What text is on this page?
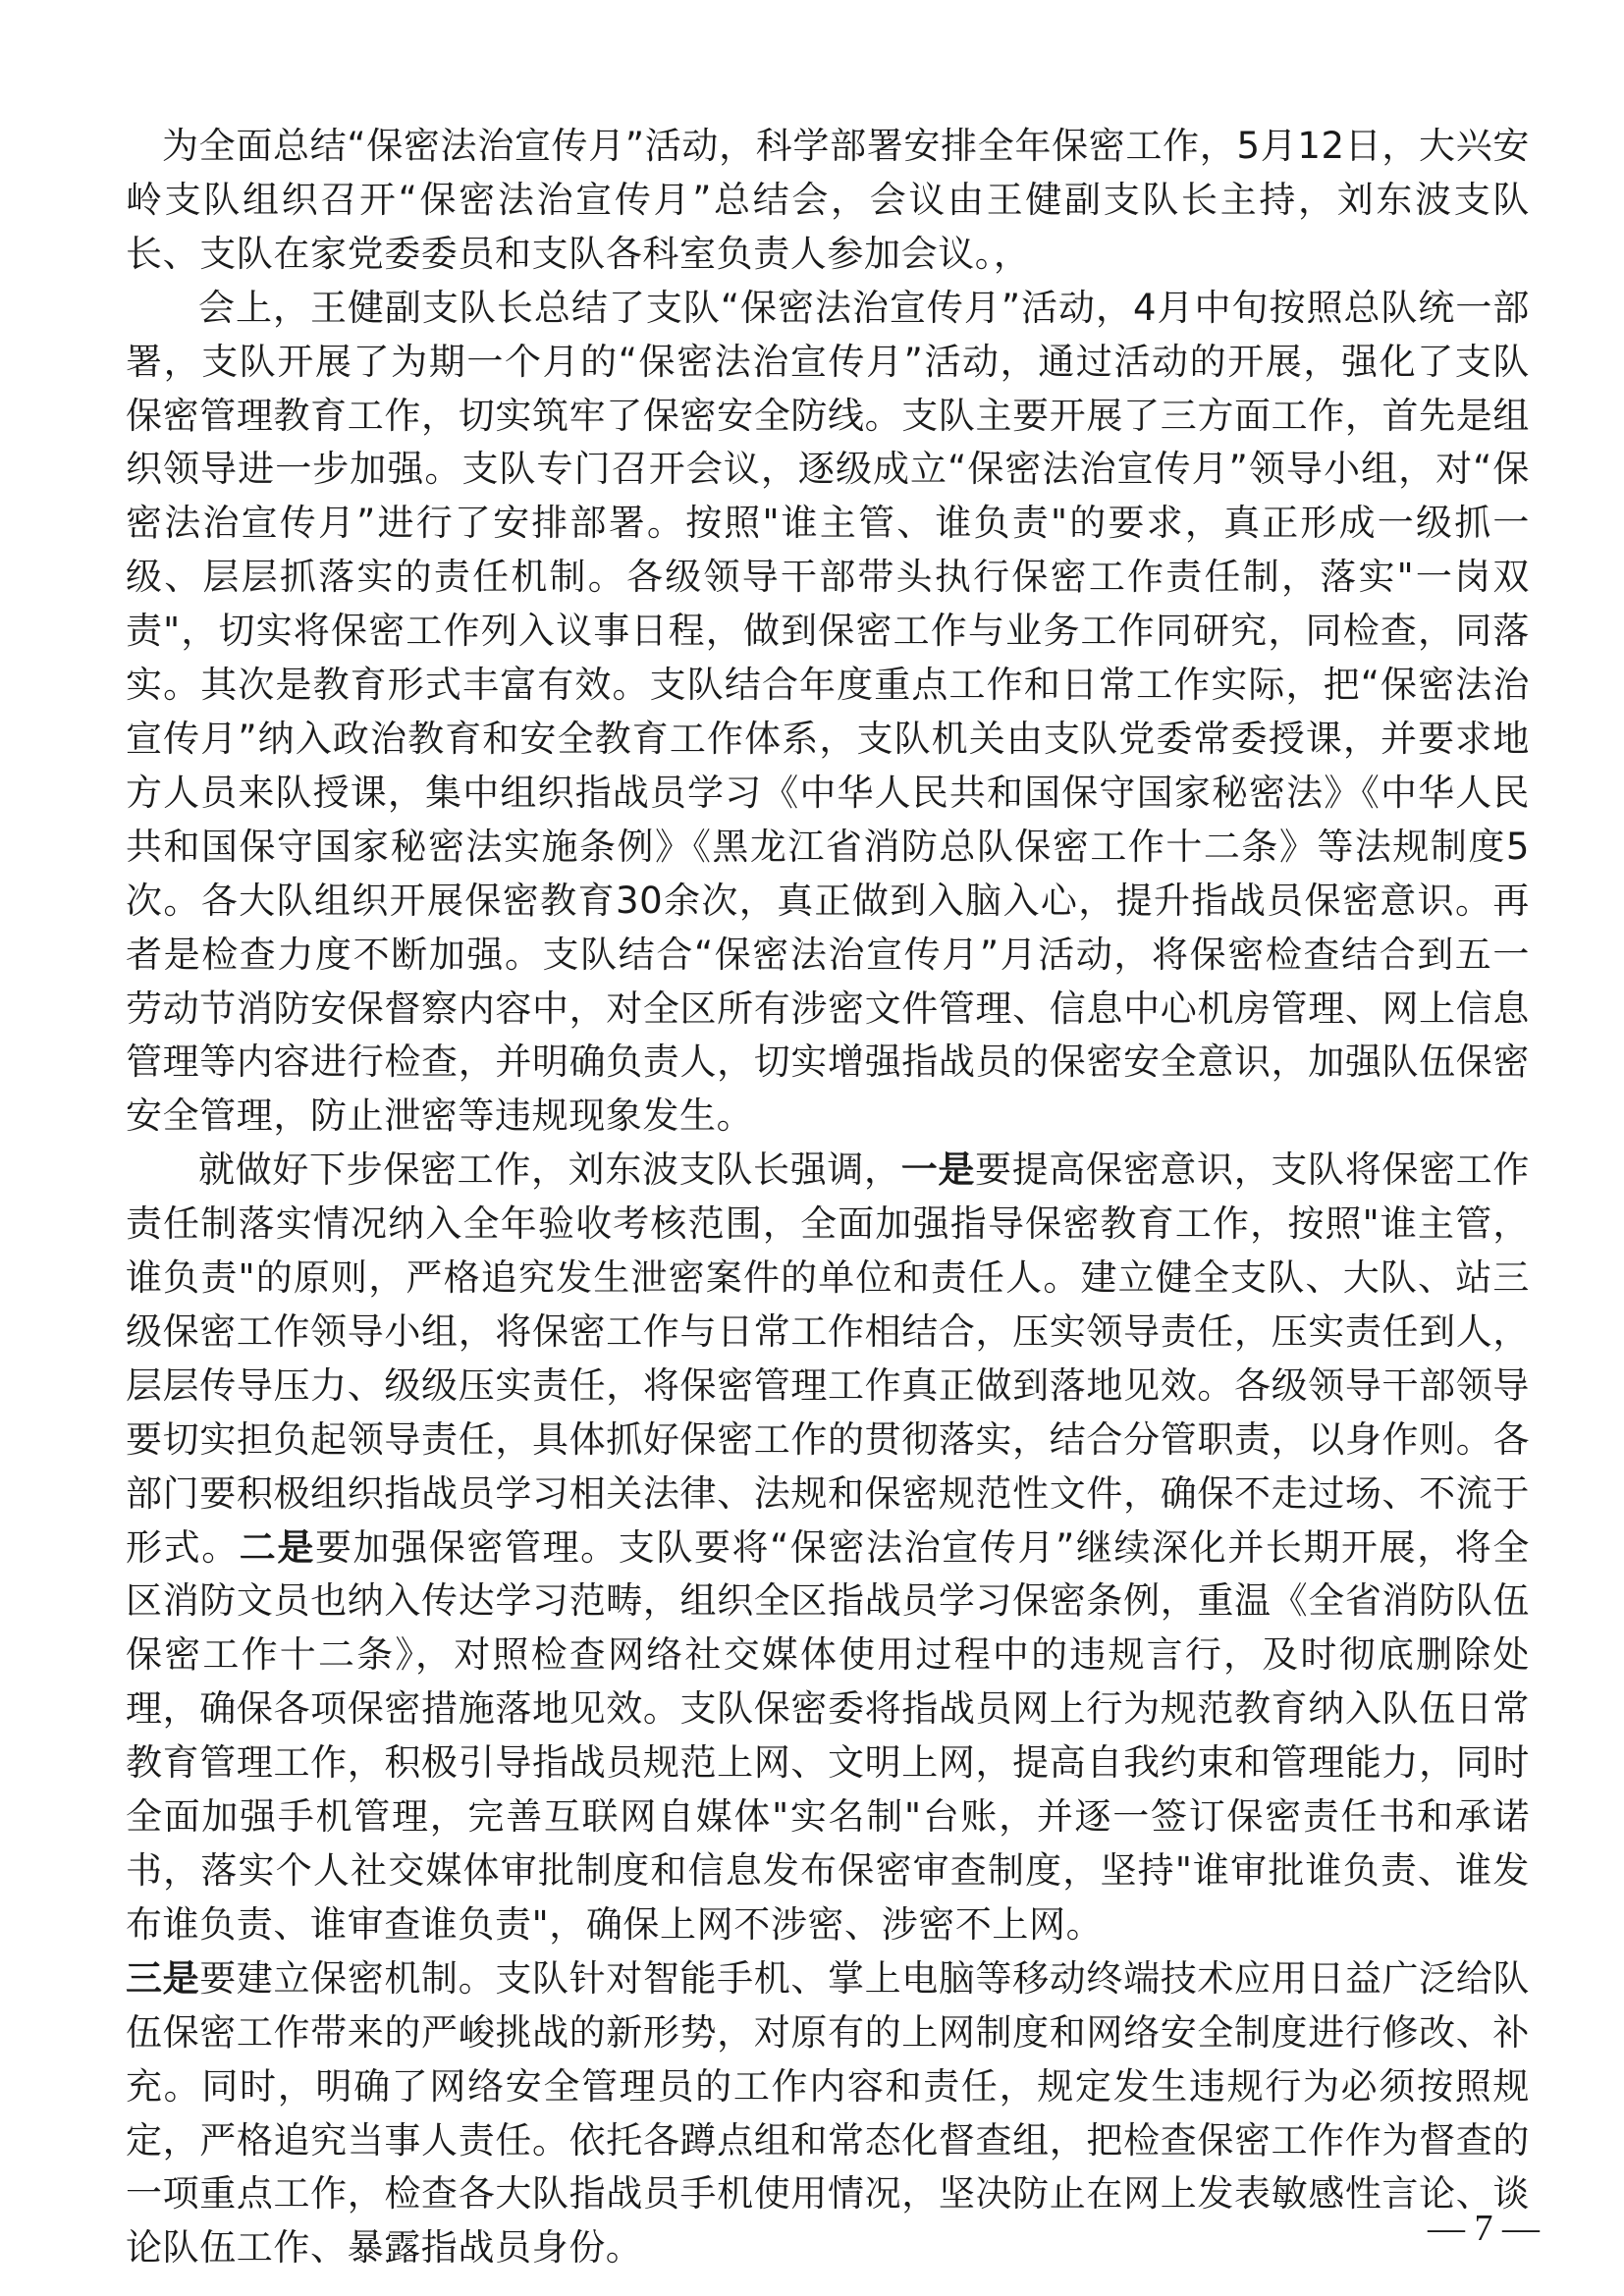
为全面总结“保密法治宣传月”活动，科学部署安排全年保密工作，5月12日，大兴安岭支队组织召开“保密法治宣传月”总结会，会议由王健副支队长主持，刘东波支队长、支队在家党委委员和支队各科室负责人参加会议。，

会上，王健副支队长总结了支队“保密法治宣传月”活动，4月中旬按照总队统一部署，支队开展了为期一个月的“保密法治宣传月”活动，通过活动的开展，强化了支队保密管理教育工作，切实筑牢了保密安全防线。支队主要开展了三方面工作，首先是组织领导进一步加强。支队专门召开会议，逐级成立“保密法治宣传月”领导小组，对“保密法治宣传月”进行了安排部署。按照"谁主管、谁负责"的要求，真正形成一级抓一级、层层抓落实的责任机制。各级领导干部带头执行保密工作责任制，落实"一岗双责"，切实将保密工作列入议事日程，做到保密工作与业务工作同研究，同检查，同落实。其次是教育形式丰富有效。支队结合年度重点工作和日常工作实际，把“保密法治宣传月”纳入政治教育和安全教育工作体系，支队机关由支队党委常委授课，并要求地方人员来队授课，集中组织指战员学习《中华人民共和国保守国家秘密法》《中华人民共和国保守国家秘密法实施条例》《黑龙江省消防总队保密工作十二条》等法规制度5次。各大队组织开展保密教育30余次，真正做到入脑入心，提升指战员保密意识。再者是检查力度不断加强。支队结合“保密法治宣传月”月活动，将保密检查结合到五一劳动节消防安保督察内容中，对全区所有涉密文件管理、信息中心机房管理、网上信息管理等内容进行检查，并明确负责人，切实增强指战员的保密安全意识，加强队伍保密安全管理，防止泄密等违规现象发生。

就做好下步保密工作，刘东波支队长强调，一是要提高保密意识，支队将保密工作责任制落实情况纳入全年验收考核范围，全面加强指导保密教育工作，按照"谁主管，谁负责"的原则，严格追究发生泄密案件的单位和责任人。建立健全支队、大队、站三级保密工作领导小组，将保密工作与日常工作相结合，压实领导责任，压实责任到人，层层传导压力、级级压实责任，将保密管理工作真正做到落地见效。各级领导干部领导要切实担负起领导责任，具体抓好保密工作的贯彻落实，结合分管职责，以身作则。各部门要积极组织指战员学习相关法律、法规和保密规范性文件，确保不走过场、不流于形式。二是要加强保密管理。支队要将“保密法治宣传月”继续深化并长期开展，将全区消防文员也纳入传达学习范畴，组织全区指战员学习保密条例，重温《全省消防队伍保密工作十二条》，对照检查网络社交媒体使用过程中的违规言行，及时彻底删除处理，确保各项保密措施落地见效。支队保密委将指战员网上行为规范教育纳入队伍日常教育管理工作，积极引导指战员规范上网、文明上网，提高自我约束和管理能力，同时全面加强手机管理，完善互联网自媒体"实名制"台账，并逐一签订保密责任书和承诺书，落实个人社交媒体审批制度和信息发布保密审查制度，坚持"谁审批谁负责、谁发布谁负责、谁审查谁负责"，确保上网不涉密、涉密不上网。

三是要建立保密机制。支队针对智能手机、掌上电脑等移动终端技术应用日益广泛给队伍保密工作带来的严峻挑战的新形势，对原有的上网制度和网络安全制度进行修改、补充。同时，明确了网络安全管理员的工作内容和责任，规定发生违规行为必须按照规定，严格追究当事人责任。依托各蹲点组和常态化督查组，把检查保密工作作为督查的一项重点工作，检查各大队指战员手机使用情况，坚决防止在网上发表敏感性言论、谈论队伍工作、暴露指战员身份。	— 7 —
